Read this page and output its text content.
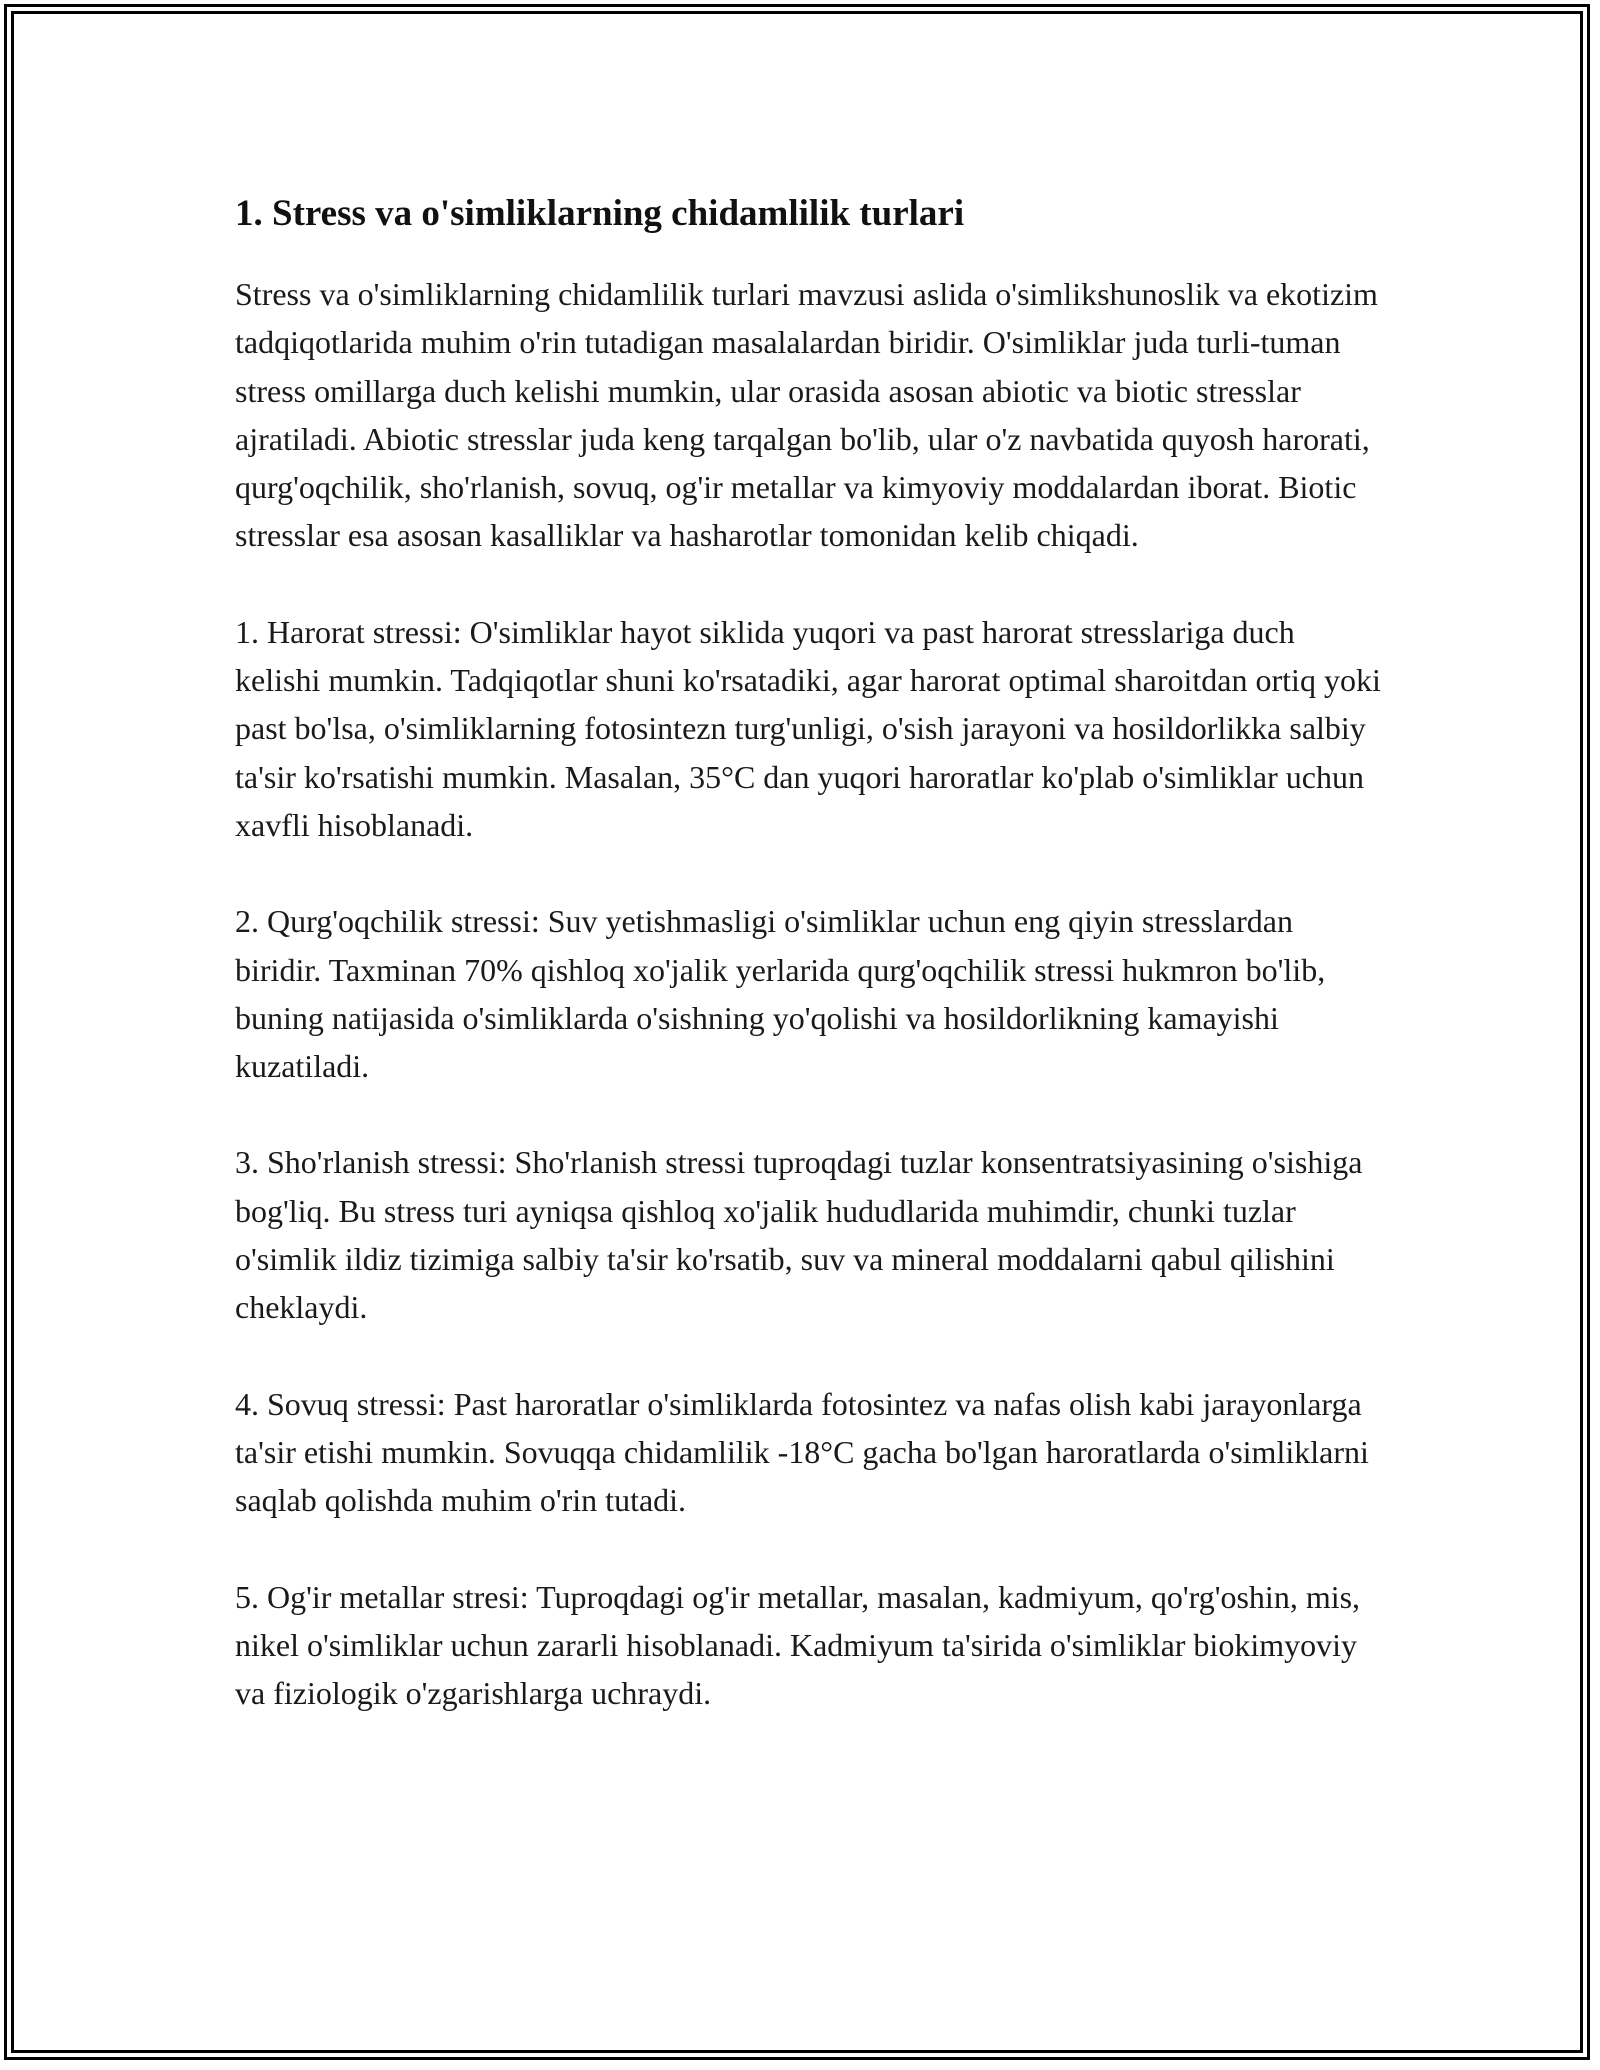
1. Stress va o'simliklarning chidamlilik turlari

Stress va o'simliklarning chidamlilik turlari mavzusi aslida o'simlikshunoslik va ekotizim tadqiqotlarida muhim o'rin tutadigan masalalardan biridir. O'simliklar juda turli-tuman stress omillarga duch kelishi mumkin, ular orasida asosan abiotic va biotic stresslar ajratiladi. Abiotic stresslar juda keng tarqalgan bo'lib, ular o'z navbatida quyosh harorati, qurg'oqchilik, sho'rlanish, sovuq, og'ir metallar va kimyoviy moddalardan iborat. Biotic stresslar esa asosan kasalliklar va hasharotlar tomonidan kelib chiqadi.

1. Harorat stressi: O'simliklar hayot siklida yuqori va past harorat stresslariga duch kelishi mumkin. Tadqiqotlar shuni ko'rsatadiki, agar harorat optimal sharoitdan ortiq yoki past bo'lsa, o'simliklarning fotosintezn turg'unligi, o'sish jarayoni va hosildorlikka salbiy ta'sir ko'rsatishi mumkin. Masalan, 35°C dan yuqori haroratlar ko'plab o'simliklar uchun xavfli hisoblanadi.

2. Qurg'oqchilik stressi: Suv yetishmasligi o'simliklar uchun eng qiyin stresslardan biridir. Taxminan 70% qishloq xo'jalik yerlarida qurg'oqchilik stressi hukmron bo'lib, buning natijasida o'simliklarda o'sishning yo'qolishi va hosildorlikning kamayishi kuzatiladi.

3. Sho'rlanish stressi: Sho'rlanish stressi tuproqdagi tuzlar konsentratsiyasining o'sishiga bog'liq. Bu stress turi ayniqsa qishloq xo'jalik hududlarida muhimdir, chunki tuzlar o'simlik ildiz tizimiga salbiy ta'sir ko'rsatib, suv va mineral moddalarni qabul qilishini cheklaydi.

4. Sovuq stressi: Past haroratlar o'simliklarda fotosintez va nafas olish kabi jarayonlarga ta'sir etishi mumkin. Sovuqqa chidamlilik -18°C gacha bo'lgan haroratlarda o'simliklarni saqlab qolishda muhim o'rin tutadi.

5. Og'ir metallar stresi: Tuproqdagi og'ir metallar, masalan, kadmiyum, qo'rg'oshin, mis, nikel o'simliklar uchun zararli hisoblanadi. Kadmiyum ta'sirida o'simliklar biokimyoviy va fiziologik o'zgarishlarga uchraydi.
